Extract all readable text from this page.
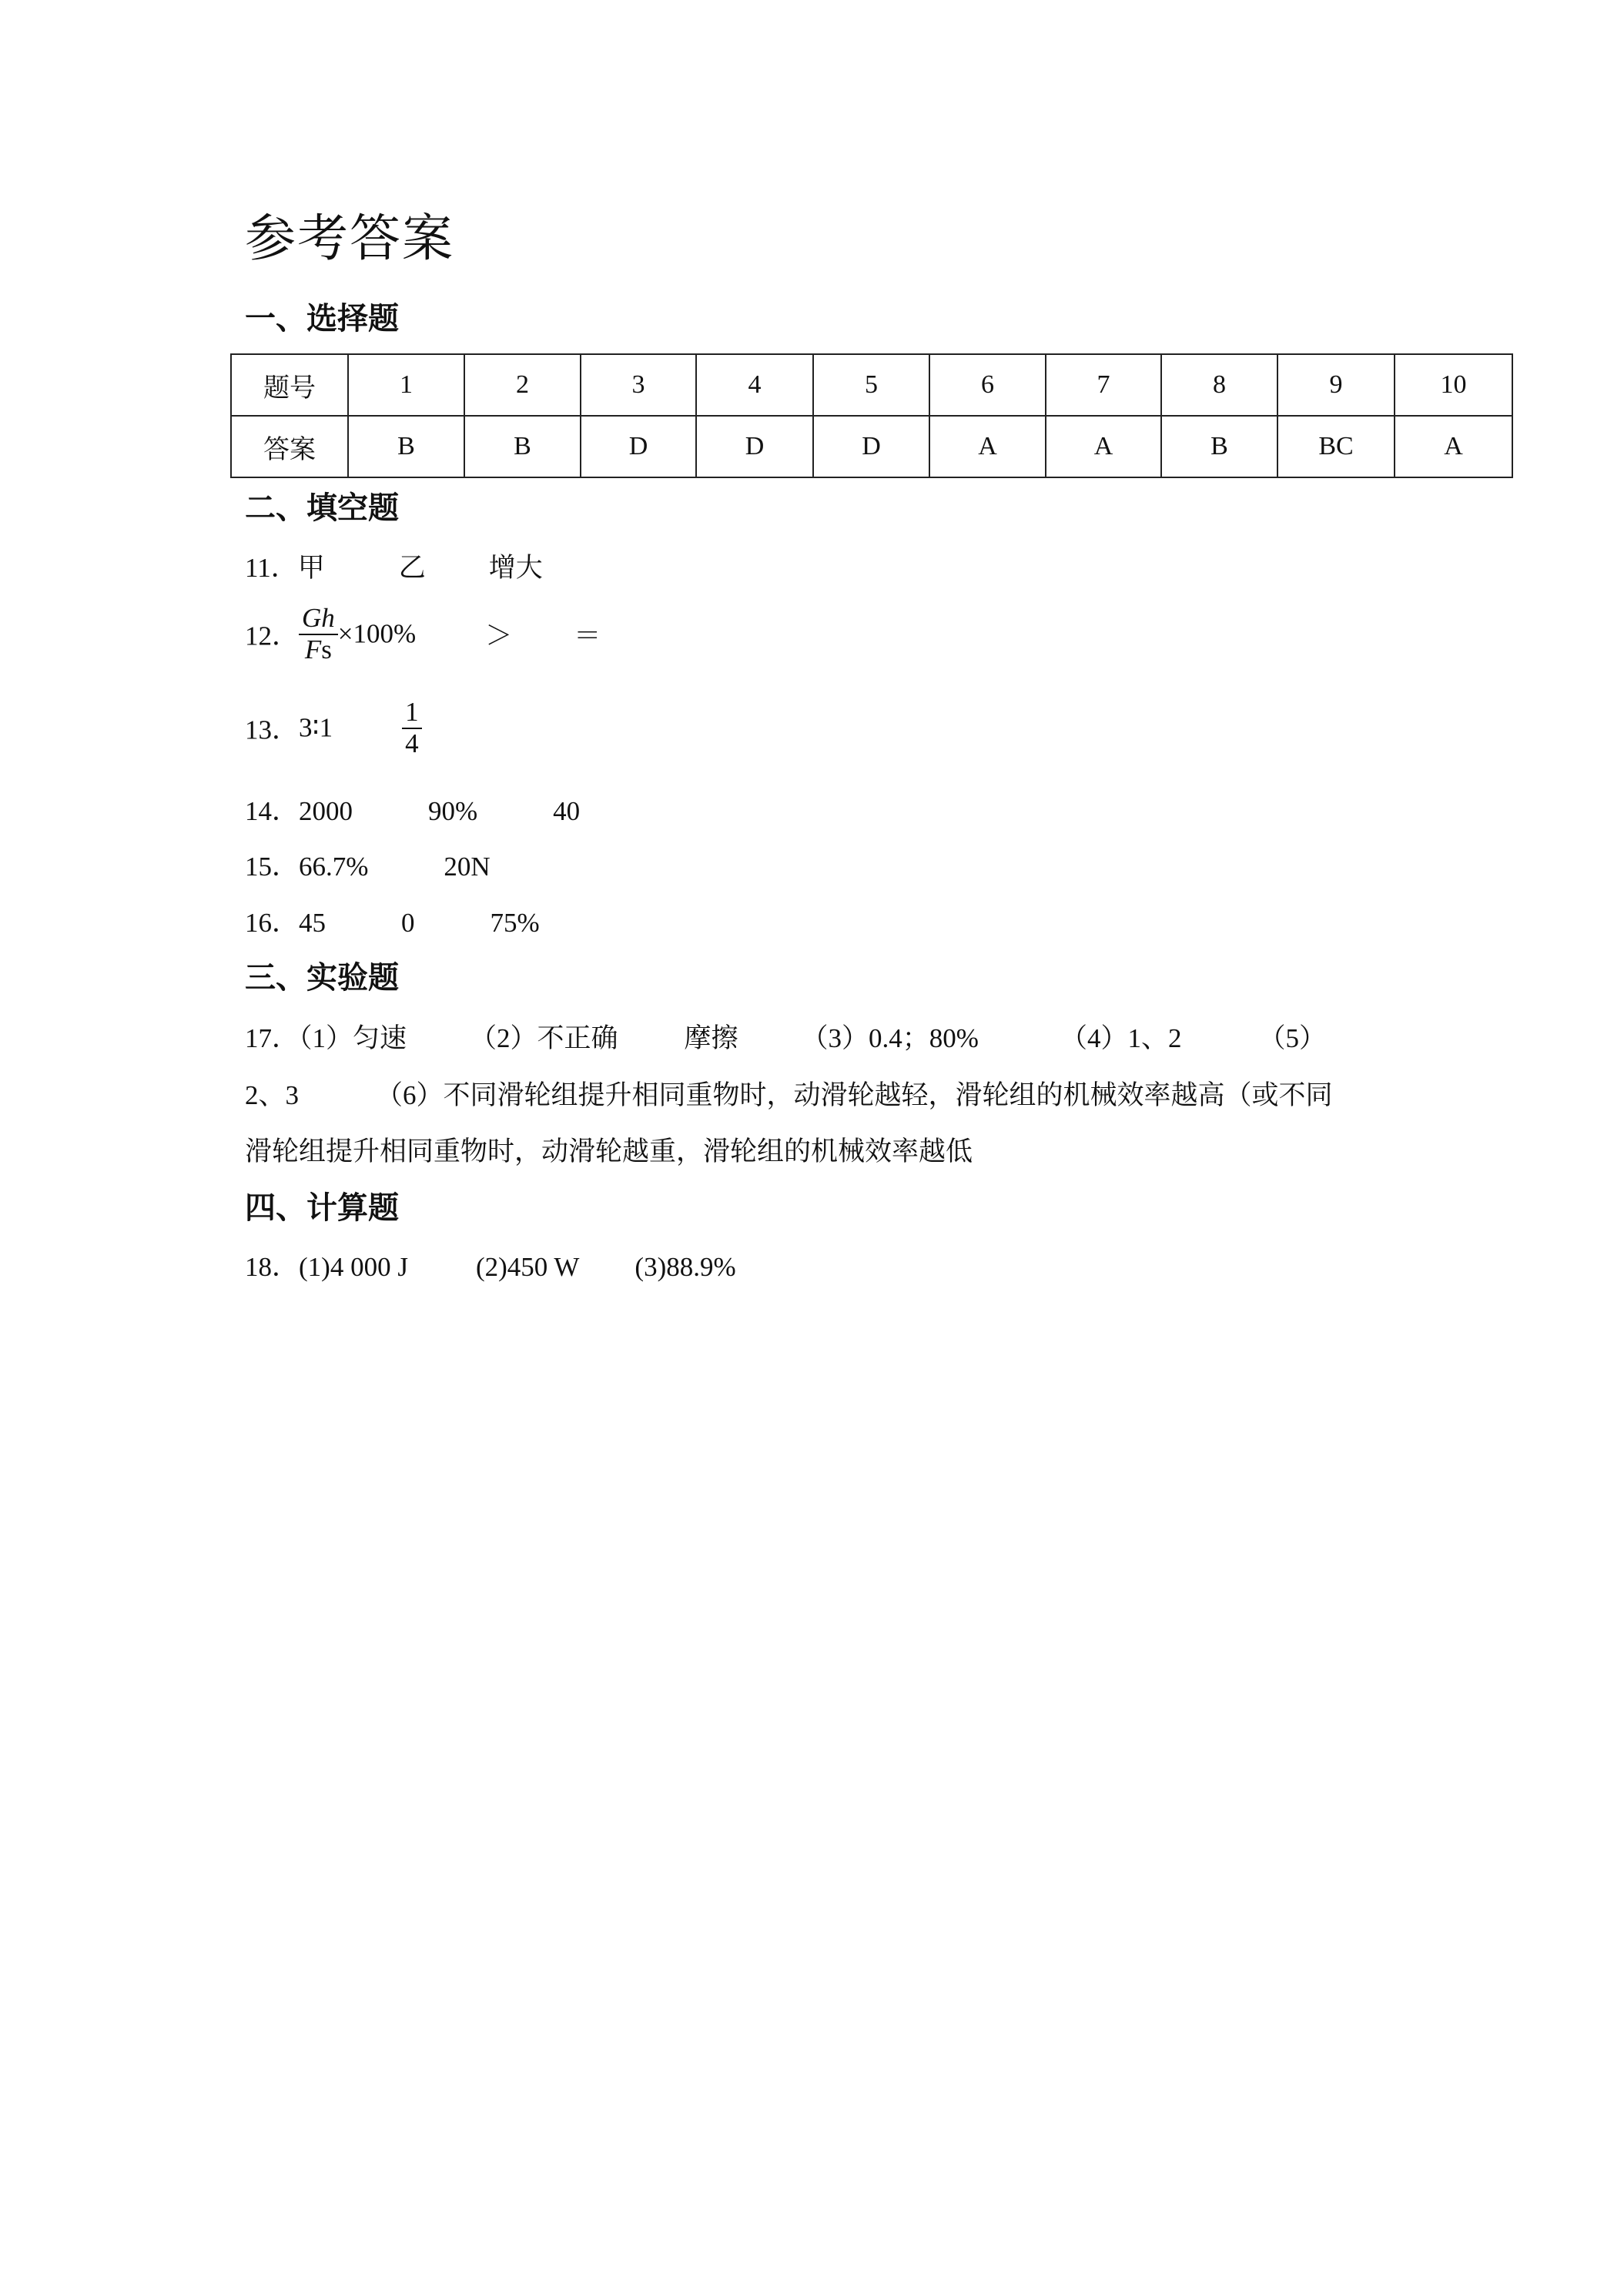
参考答案
一、选择题
题号	1	2	3	4	5	6	7	8	9	10
答案	B	B	D	D	D	A	A	B	BC	A
二、填空题
11．甲	乙 增大
12． $\frac{Gh}{Fs} \times 100\%$	＞ ＝
13．3∶1	$\frac{1}{4}$
14．2000	90%	40
15．66.7%	20N
16．45	0	75%
三、实验题
17．（1）匀速 （2）不正确 摩擦 （3）0.4；80%	（4）1、2	（5）
2、3	（6）不同滑轮组提升相同重物时，动滑轮越轻，滑轮组的机械效率越高（或不同
滑轮组提升相同重物时，动滑轮越重，滑轮组的机械效率越低
四、计算题
18．(1)4 000 J	(2)450 W (3)88.9%
